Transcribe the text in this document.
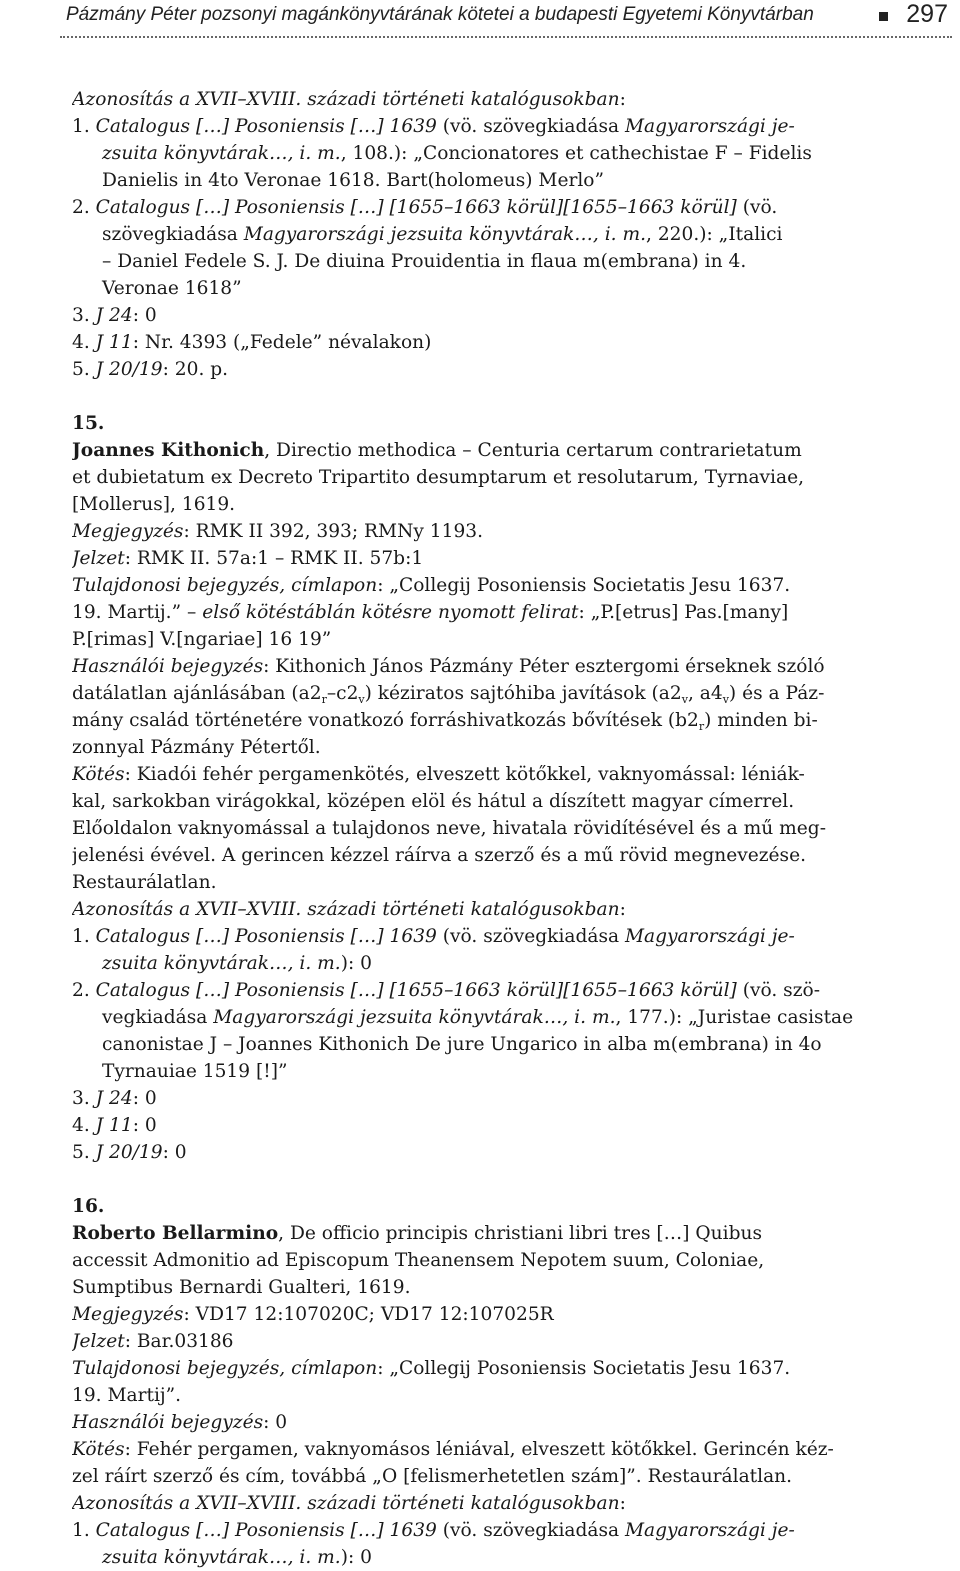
Pázmány Péter pozsonyi magánkönyvtárának kötetei a budapesti Egyetemi Könyvtárban	297
Azonosítás a XVII–XVIII. századi történeti katalógusokban:
1. Catalogus […] Posoniensis […] 1639 (vö. szövegkiadása Magyarországi je-
zsuita könyvtárak…, i. m., 108.): „Concionatores et cathechistae F – Fidelis
Danielis in 4to Veronae 1618. Bart(holomeus) Merlo”
2. Catalogus […] Posoniensis […] [1655–1663 körül][1655–1663 körül] (vö.
szövegkiadása Magyarországi jezsuita könyvtárak…, i. m., 220.): „Italici
– Daniel Fedele S. J. De diuina Prouidentia in flaua m(embrana) in 4.
Veronae 1618”
3. J 24: 0
4. J 11: Nr. 4393 („Fedele” névalakon)
5. J 20/19: 20. p.
15.
Joannes Kithonich, Directio methodica – Centuria certarum contrarietatum
et dubietatum ex Decreto Tripartito desumptarum et resolutarum, Tyrnaviae,
[Mollerus], 1619.
Megjegyzés: RMK II 392, 393; RMNy 1193.
Jelzet: RMK II. 57a:1 – RMK II. 57b:1
Tulajdonosi bejegyzés, címlapon: „Collegij Posoniensis Societatis Jesu 1637.
19. Martij.” – első kötéstáblán kötésre nyomott felirat: „P.[etrus] Pas.[many]
P.[rimas] V.[ngariae] 16 19”
Használói bejegyzés: Kithonich János Pázmány Péter esztergomi érseknek szóló
datálatlan ajánlásában $(a2_r-c2_v)$ kéziratos sajtóhiba javítások ($a2_v$, $a4_v$) és a Páz-
mány család történetére vonatkozó forráshivatkozás bővítések $(b2_r)$ minden bi-
zonnyal Pázmány Pétertől.
Kötés: Kiadói fehér pergamenkötés, elveszett kötőkkel, vaknyomással: léniák-
kal, sarkokban virágokkal, középen elöl és hátul a díszített magyar címerrel.
Előoldalon vaknyomással a tulajdonos neve, hivatala rövidítésével és a mű meg-
jelenési évével. A gerincen kézzel ráírva a szerző és a mű rövid megnevezése.
Restaurálatlan.
Azonosítás a XVII–XVIII. századi történeti katalógusokban:
1. Catalogus […] Posoniensis […] 1639 (vö. szövegkiadása Magyarországi je-
zsuita könyvtárak…, i. m.): 0
2. Catalogus […] Posoniensis […] [1655–1663 körül][1655–1663 körül] (vö. szö-
vegkiadása Magyarországi jezsuita könyvtárak…, i. m., 177.): „Juristae casistae
canonistae J – Joannes Kithonich De jure Ungarico in alba m(embrana) in 4o
Tyrnauiae 1519 [!]”
3. J 24: 0
4. J 11: 0
5. J 20/19: 0
16.
Roberto Bellarmino, De officio principis christiani libri tres […] Quibus
accessit Admonitio ad Episcopum Theanensem Nepotem suum, Coloniae,
Sumptibus Bernardi Gualteri, 1619.
Megjegyzés: VD17 12:107020C; VD17 12:107025R
Jelzet: Bar.03186
Tulajdonosi bejegyzés, címlapon: „Collegij Posoniensis Societatis Jesu 1637.
19. Martij”.
Használói bejegyzés: 0
Kötés: Fehér pergamen, vaknyomásos léniával, elveszett kötőkkel. Gerincén kéz-
zel ráírt szerző és cím, továbbá „O [felismerhetetlen szám]”. Restaurálatlan.
Azonosítás a XVII–XVIII. századi történeti katalógusokban:
1. Catalogus […] Posoniensis […] 1639 (vö. szövegkiadása Magyarországi je-
zsuita könyvtárak…, i. m.): 0
